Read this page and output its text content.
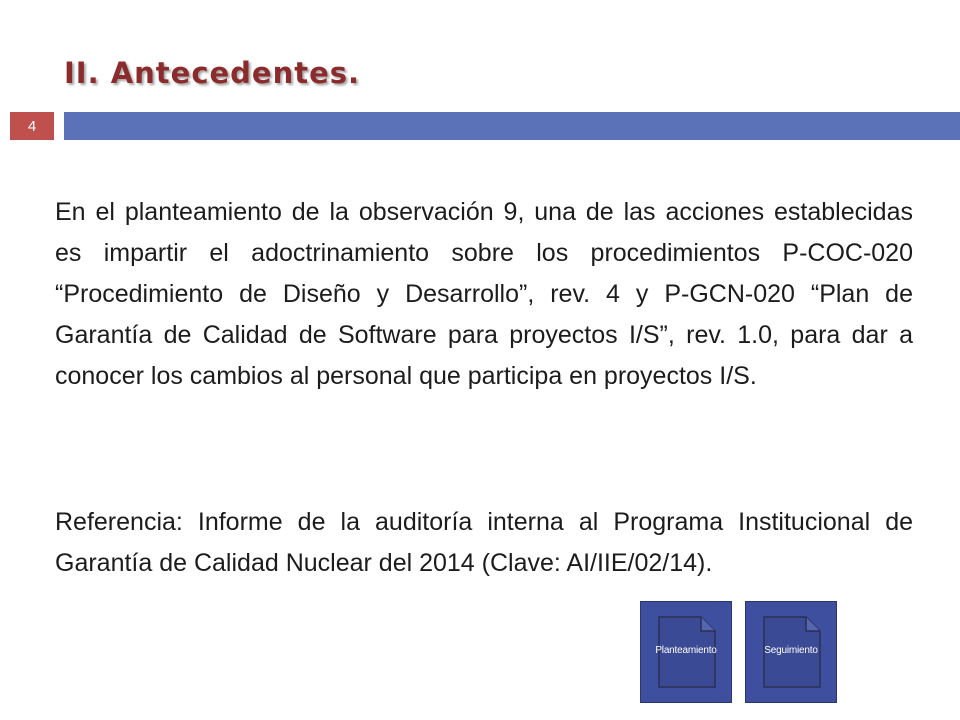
II. Antecedentes.
4

En el planteamiento de la observación 9, una de las acciones establecidas es impartir el adoctrinamiento sobre los procedimientos P-COC-020 “Procedimiento de Diseño y Desarrollo”, rev. 4 y P-GCN-020 “Plan de Garantía de Calidad de Software para proyectos I/S”, rev. 1.0, para dar a conocer los cambios al personal que participa en proyectos I/S.

Referencia: Informe de la auditoría interna al Programa Institucional de Garantía de Calidad Nuclear del 2014 (Clave: AI/IIE/02/14).

Planteamiento	Seguimiento
